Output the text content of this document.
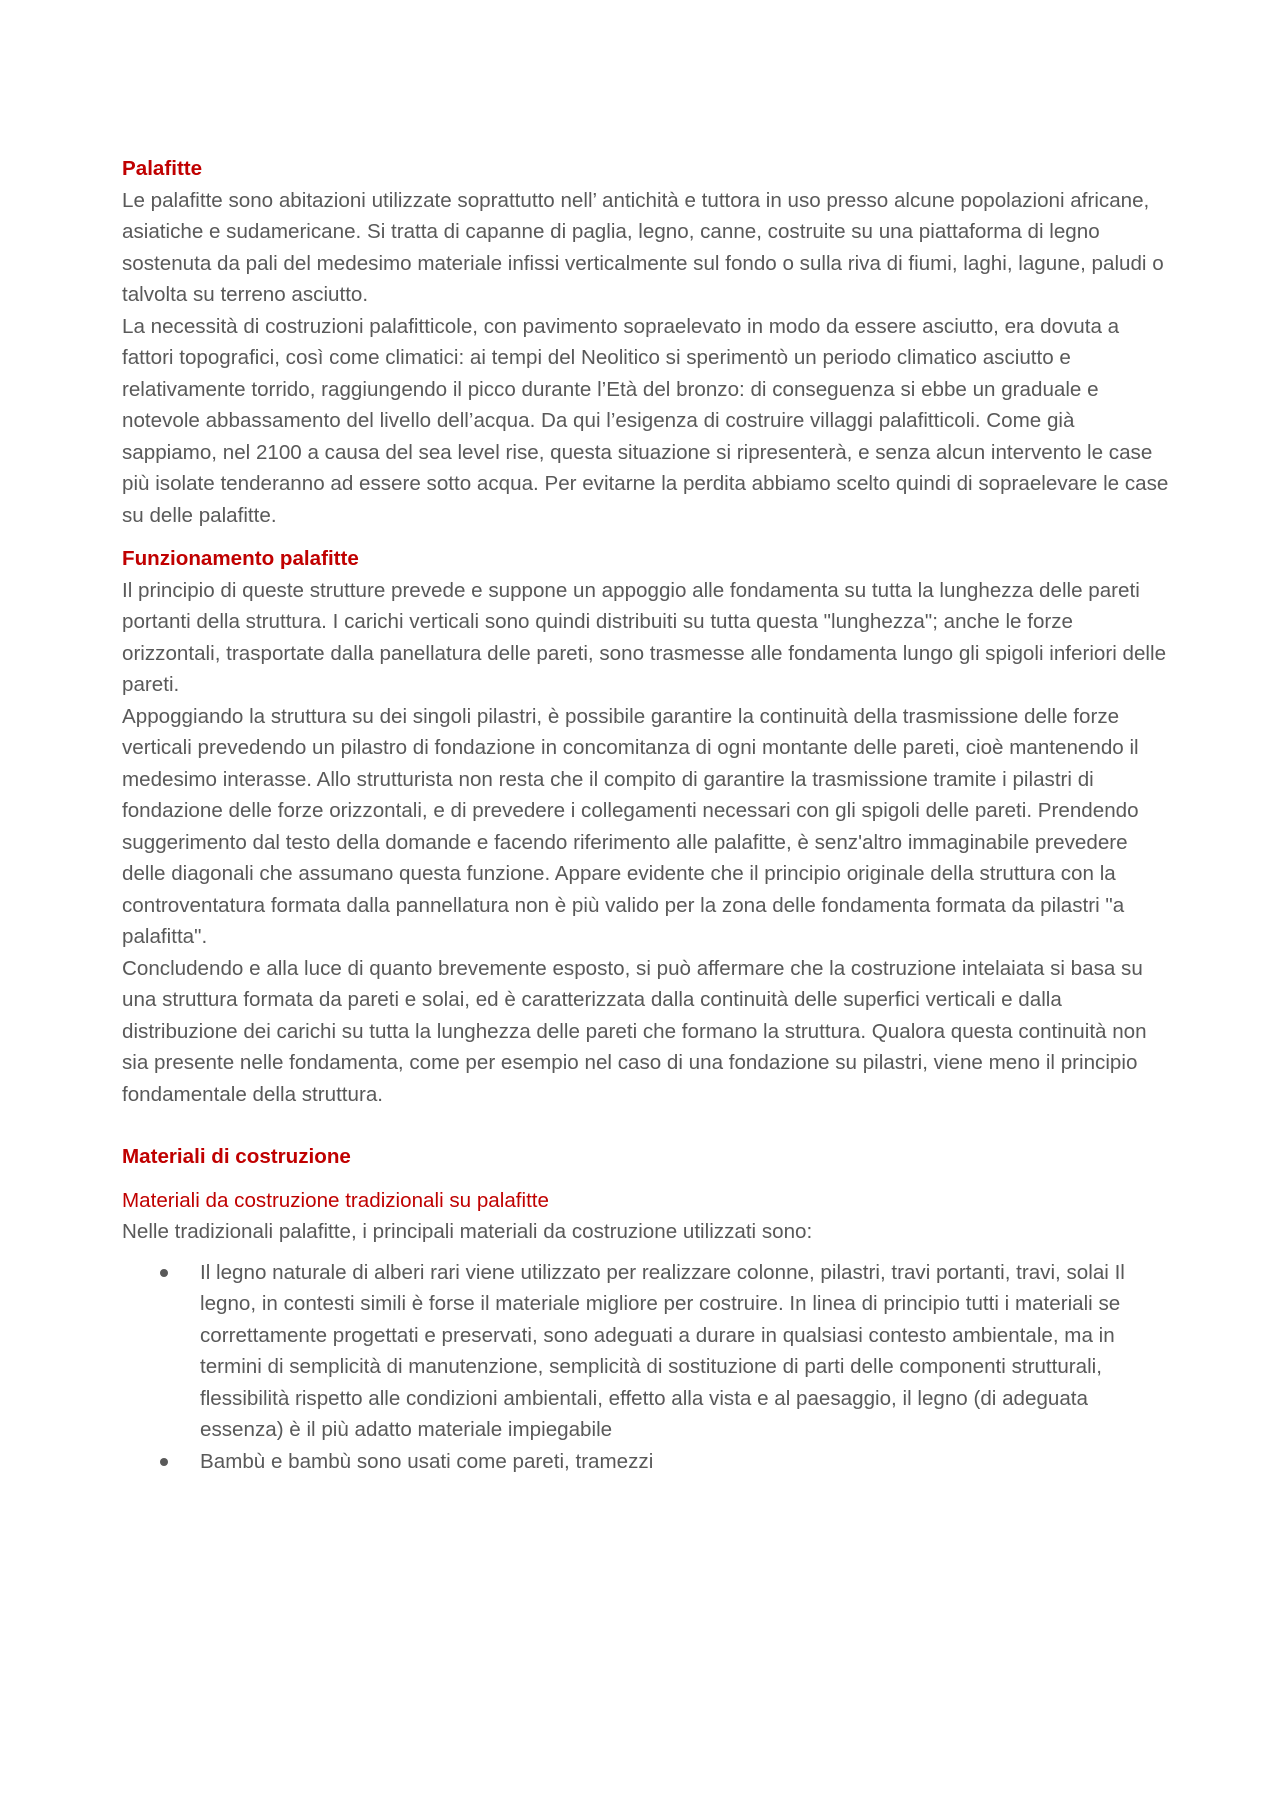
Palafitte

Le palafitte sono abitazioni utilizzate soprattutto nell’ antichità e tuttora in uso presso alcune popolazioni africane, asiatiche e sudamericane. Si tratta di capanne di paglia, legno, canne, costruite su una piattaforma di legno sostenuta da pali del medesimo materiale infissi verticalmente sul fondo o sulla riva di fiumi, laghi, lagune, paludi o talvolta su terreno asciutto.

La necessità di costruzioni palafitticole, con pavimento sopraelevato in modo da essere asciutto, era dovuta a fattori topografici, così come climatici: ai tempi del Neolitico si sperimentò un periodo climatico asciutto e relativamente torrido, raggiungendo il picco durante l’Età del bronzo: di conseguenza si ebbe un graduale e notevole abbassamento del livello dell’acqua. Da qui l’esigenza di costruire villaggi palafitticoli. Come già sappiamo, nel 2100 a causa del sea level rise, questa situazione si ripresenterà, e senza alcun intervento le case più isolate tenderanno ad essere sotto acqua. Per evitarne la perdita abbiamo scelto quindi di sopraelevare le case su delle palafitte.

Funzionamento palafitte

Il principio di queste strutture prevede e suppone un appoggio alle fondamenta su tutta la lunghezza delle pareti portanti della struttura. I carichi verticali sono quindi distribuiti su tutta questa "lunghezza"; anche le forze orizzontali, trasportate dalla panellatura delle pareti, sono trasmesse alle fondamenta lungo gli spigoli inferiori delle pareti.

Appoggiando la struttura su dei singoli pilastri, è possibile garantire la continuità della trasmissione delle forze verticali prevedendo un pilastro di fondazione in concomitanza di ogni montante delle pareti, cioè mantenendo il medesimo interasse. Allo strutturista non resta che il compito di garantire la trasmissione tramite i pilastri di fondazione delle forze orizzontali, e di prevedere i collegamenti necessari con gli spigoli delle pareti. Prendendo suggerimento dal testo della domande e facendo riferimento alle palafitte, è senz'altro immaginabile prevedere delle diagonali che assumano questa funzione. Appare evidente che il principio originale della struttura con la controventatura formata dalla pannellatura non è più valido per la zona delle fondamenta formata da pilastri "a palafitta".

Concludendo e alla luce di quanto brevemente esposto, si può affermare che la costruzione intelaiata si basa su una struttura formata da pareti e solai, ed è caratterizzata dalla continuità delle superfici verticali e dalla distribuzione dei carichi su tutta la lunghezza delle pareti che formano la struttura. Qualora questa continuità non sia presente nelle fondamenta, come per esempio nel caso di una fondazione su pilastri, viene meno il principio fondamentale della struttura.

Materiali di costruzione
Materiali da costruzione tradizionali su palafitte

Nelle tradizionali palafitte, i principali materiali da costruzione utilizzati sono:

Il legno naturale di alberi rari viene utilizzato per realizzare colonne, pilastri, travi portanti, travi, solai Il legno, in contesti simili è forse il materiale migliore per costruire. In linea di principio tutti i materiali se correttamente progettati e preservati, sono adeguati a durare in qualsiasi contesto ambientale, ma in termini di semplicità di manutenzione, semplicità di sostituzione di parti delle componenti strutturali, flessibilità rispetto alle condizioni ambientali, effetto alla vista e al paesaggio, il legno (di adeguata essenza) è il più adatto materiale impiegabile
Bambù e bambù sono usati come pareti, tramezzi
